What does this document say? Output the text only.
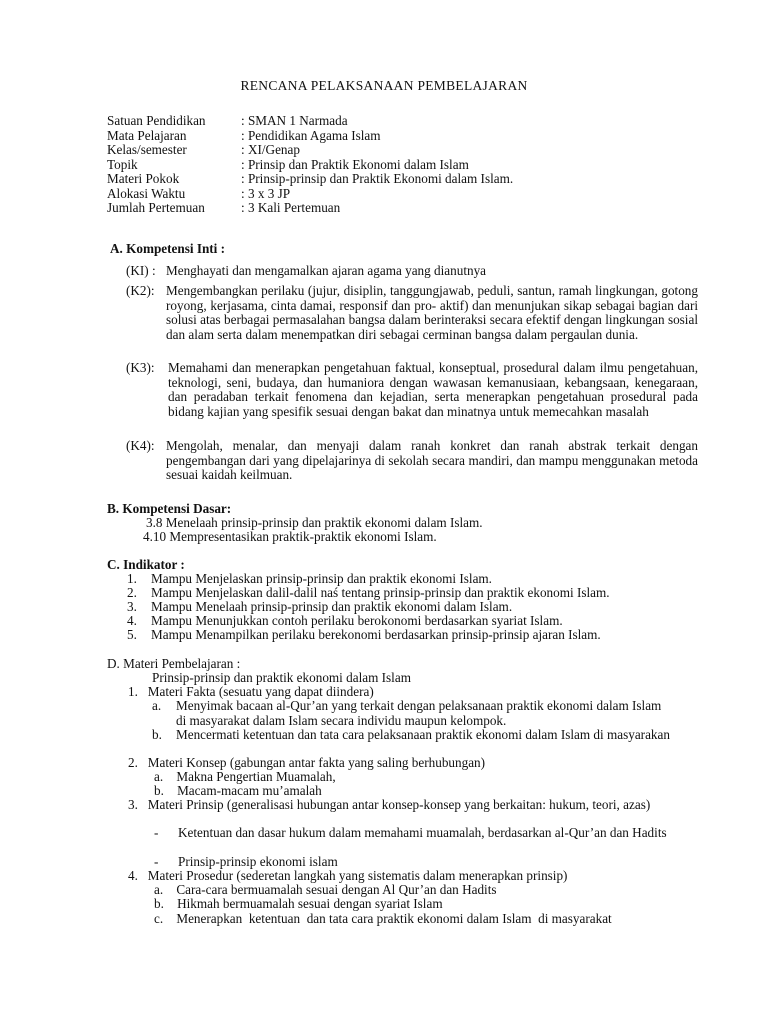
RENCANA PELAKSANAAN PEMBELAJARAN
Satuan Pendidikan	: SMAN 1 Narmada
Mata Pelajaran	: Pendidikan Agama Islam
Kelas/semester	: XI/Genap
Topik	: Prinsip dan Praktik Ekonomi dalam Islam
Materi Pokok	: Prinsip-prinsip dan Praktik Ekonomi dalam Islam.
Alokasi Waktu	: 3 x 3 JP
Jumlah Pertemuan	: 3 Kali Pertemuan
A. Kompetensi Inti :
(KI) : Menghayati dan mengamalkan ajaran agama yang dianutnya
(K2): Mengembangkan perilaku (jujur, disiplin, tanggungjawab, peduli, santun, ramah lingkungan, gotong royong, kerjasama, cinta damai, responsif dan pro- aktif) dan menunjukan sikap sebagai bagian dari solusi atas berbagai permasalahan bangsa dalam berinteraksi secara efektif dengan lingkungan sosial dan alam serta dalam menempatkan diri sebagai cerminan bangsa dalam pergaulan dunia.
(K3):	Memahami dan menerapkan pengetahuan faktual, konseptual, prosedural dalam ilmu pengetahuan, teknologi, seni, budaya, dan humaniora dengan wawasan kemanusiaan, kebangsaan, kenegaraan, dan peradaban terkait fenomena dan kejadian, serta menerapkan pengetahuan prosedural pada bidang kajian yang spesifik sesuai dengan bakat dan minatnya untuk memecahkan masalah
(K4): Mengolah, menalar, dan menyaji dalam ranah konkret dan ranah abstrak terkait dengan pengembangan dari yang dipelajarinya di sekolah secara mandiri, dan mampu menggunakan metoda sesuai kaidah keilmuan.
B. Kompetensi Dasar:
3.8 Menelaah prinsip-prinsip dan praktik ekonomi dalam Islam.
4.10 Mempresentasikan praktik-praktik ekonomi Islam.
C. Indikator :
1.	Mampu Menjelaskan prinsip-prinsip dan praktik ekonomi Islam.
2.	Mampu Menjelaskan dalil-dalil naś tentang prinsip-prinsip dan praktik ekonomi Islam.
3.	Mampu Menelaah prinsip-prinsip dan praktik ekonomi dalam Islam.
4.	Mampu Menunjukkan contoh perilaku berokonomi berdasarkan syariat Islam.
5.	Mampu Menampilkan perilaku berekonomi berdasarkan prinsip-prinsip ajaran Islam.
D. Materi Pembelajaran :
Prinsip-prinsip dan praktik ekonomi dalam Islam
1.   Materi Fakta (sesuatu yang dapat diindera)
a.	Menyimak bacaan al-Qur’an yang terkait dengan pelaksanaan praktik ekonomi dalam Islam di masyarakat dalam Islam secara individu maupun kelompok.
b.	Mencermati ketentuan dan tata cara pelaksanaan praktik ekonomi dalam Islam di masyarakan
2.   Materi Konsep (gabungan antar fakta yang saling berhubungan)
a.    Makna Pengertian Muamalah,
b.    Macam-macam mu’amalah
3.   Materi Prinsip (generalisasi hubungan antar konsep-konsep yang berkaitan: hukum, teori, azas)
-	Ketentuan dan dasar hukum dalam memahami muamalah, berdasarkan al-Qur’an dan Hadits
-	Prinsip-prinsip ekonomi islam
4.   Materi Prosedur (sederetan langkah yang sistematis dalam menerapkan prinsip)
a.    Cara-cara bermuamalah sesuai dengan Al Qur’an dan Hadits
b.    Hikmah bermuamalah sesuai dengan syariat Islam
c.    Menerapkan  ketentuan  dan tata cara praktik ekonomi dalam Islam  di masyarakat
